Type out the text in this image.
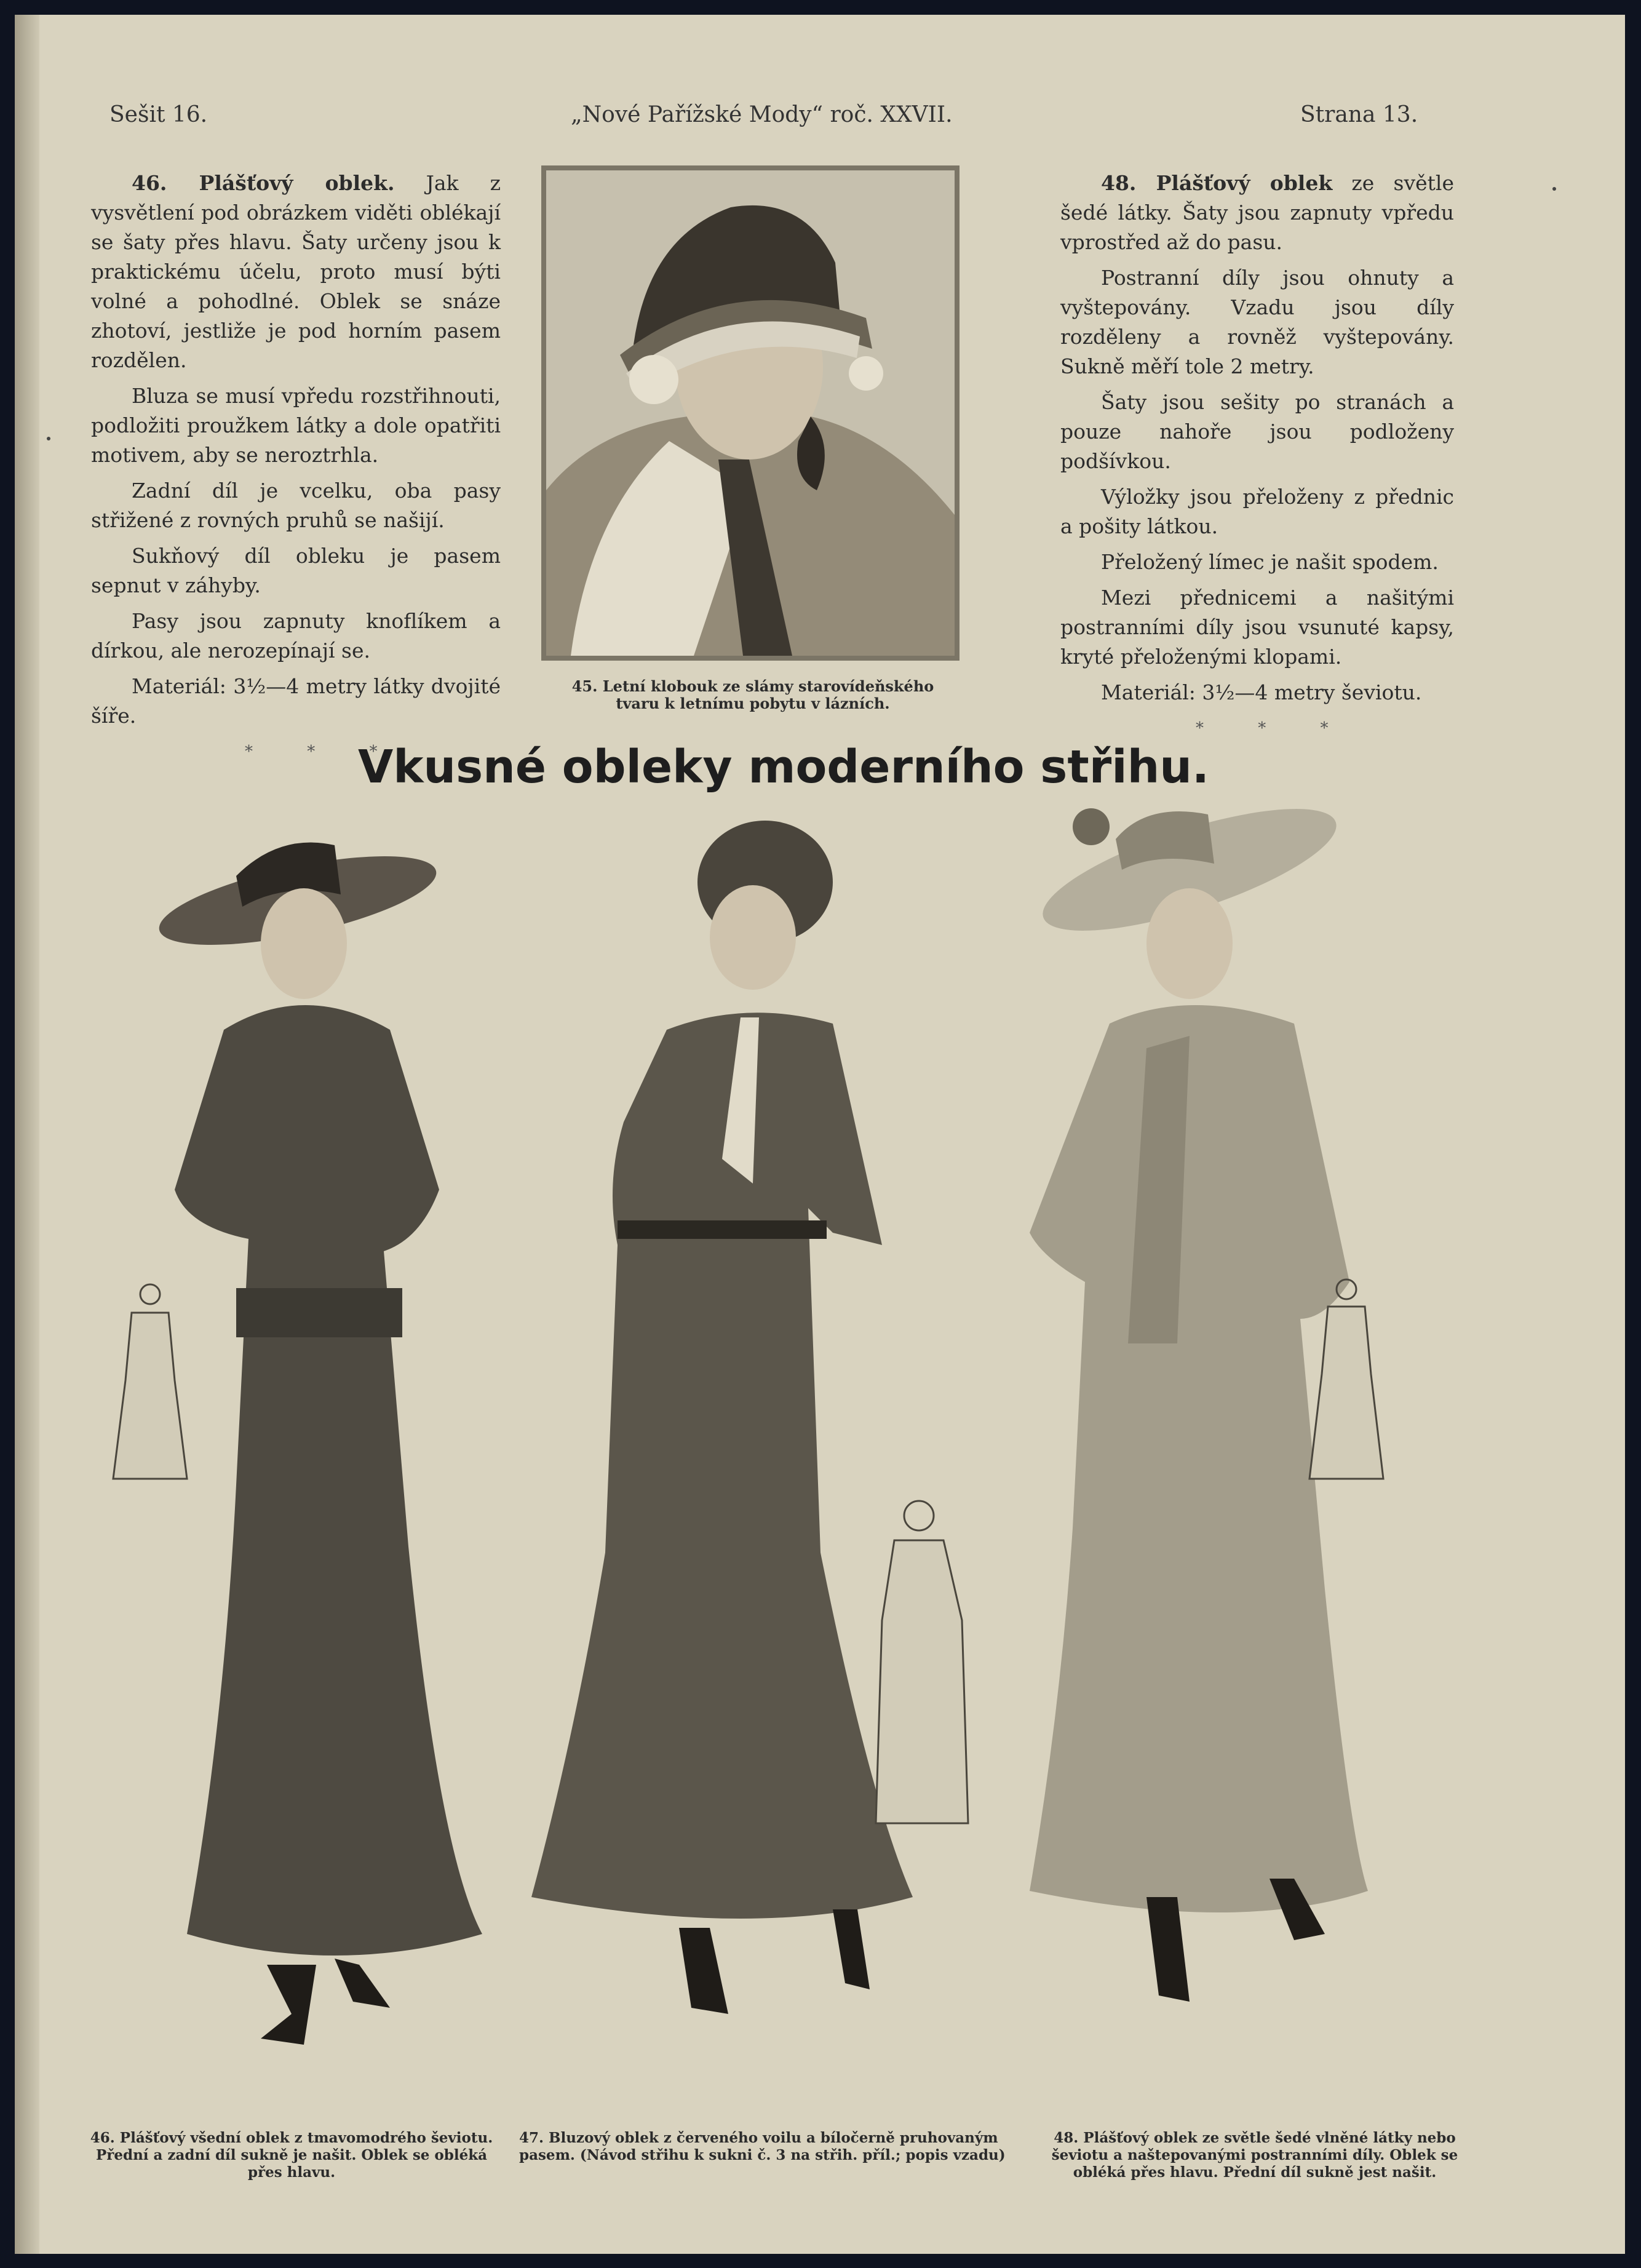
Sešit 16.	„Nové Pařížské Mody“ roč. XXVII.	Strana 13.

46. Plášťový oblek. Jak z vysvětlení pod obrázkem viděti oblékají se šaty přes hlavu. Šaty určeny jsou k praktickému účelu, proto musí býti volné a pohodlné. Oblek se snáze zhotoví, jestliže je pod horním pasem rozdělen.

Bluza se musí vpředu rozstřihnouti, podložiti proužkem látky a dole opatřiti motivem, aby se neroztrhla.

Zadní díl je vcelku, oba pasy střižené z rovných pruhů se našijí.

Sukňový díl obleku je pasem sepnut v záhyby.

Pasy jsou zapnuty knoflíkem a dírkou, ale nerozepínají se.

Materiál: 3½—4 metry látky dvojité šíře.

* * *
45. Letní klobouk ze slámy starovídeňského tvaru k letnímu pobytu v lázních.

48. Plášťový oblek ze světle šedé látky. Šaty jsou zapnuty vpředu vprostřed až do pasu.

Postranní díly jsou ohnuty a vyštepovány. Vzadu jsou díly rozděleny a rovněž vyštepovány. Sukně měří tole 2 metry.

Šaty jsou sešity po stranách a pouze nahoře jsou podloženy podšívkou.

Výložky jsou přeloženy z přednic a pošity látkou.

Přeložený límec je našit spodem.

Mezi přednicemi a našitými postranními díly jsou vsunuté kapsy, kryté přeloženými klopami.

Materiál: 3½—4 metry ševiotu.

* * *
Vkusné obleky moderního střihu.
46. Plášťový všední oblek z tmavomodrého ševiotu. Přední a zadní díl sukně je našit. Oblek se obléká přes hlavu.
47. Bluzový oblek z červeného voilu a bíločerně pruhovaným pasem. (Návod střihu k sukni č. 3 na střih. příl.; popis vzadu)
48. Plášťový oblek ze světle šedé vlněné látky nebo ševiotu a naštepovanými postranními díly. Oblek se obléká přes hlavu. Přední díl sukně jest našit.
